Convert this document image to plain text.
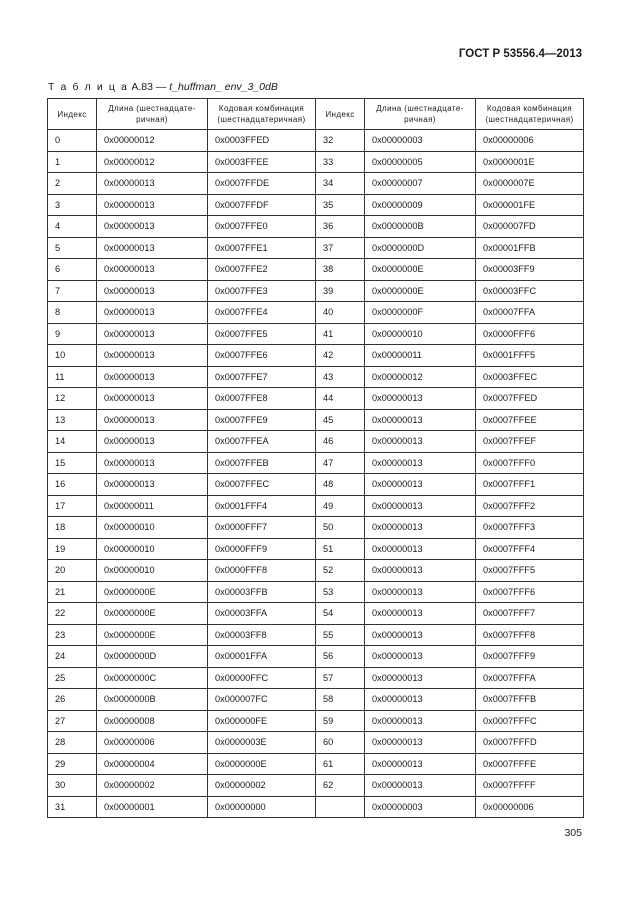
ГОСТ Р 53556.4—2013
Т а б л и ц а А.83 — t_huffman_ env_3_0dB
Индекс	Длина (шестнадцате-ричная)	Кодовая комбинация (шестнадцатеричная)	Индекс	Длина (шестнадцате-ричная)	Кодовая комбинация (шестнадцатеричная)
0	0x00000012	0x0003FFED	32	0x00000003	0x00000006
1	0x00000012	0x0003FFEE	33	0x00000005	0x0000001E
2	0x00000013	0x0007FFDE	34	0x00000007	0x0000007E
3	0x00000013	0x0007FFDF	35	0x00000009	0x000001FE
4	0x00000013	0x0007FFE0	36	0x0000000B	0x000007FD
5	0x00000013	0x0007FFE1	37	0x0000000D	0x00001FFB
6	0x00000013	0x0007FFE2	38	0x0000000E	0x00003FF9
7	0x00000013	0x0007FFE3	39	0x0000000E	0x00003FFC
8	0x00000013	0x0007FFE4	40	0x0000000F	0x00007FFA
9	0x00000013	0x0007FFE5	41	0x00000010	0x0000FFF6
10	0x00000013	0x0007FFE6	42	0x00000011	0x0001FFF5
11	0x00000013	0x0007FFE7	43	0x00000012	0x0003FFEC
12	0x00000013	0x0007FFE8	44	0x00000013	0x0007FFED
13	0x00000013	0x0007FFE9	45	0x00000013	0x0007FFEE
14	0x00000013	0x0007FFEA	46	0x00000013	0x0007FFEF
15	0x00000013	0x0007FFEB	47	0x00000013	0x0007FFF0
16	0x00000013	0x0007FFEC	48	0x00000013	0x0007FFF1
17	0x00000011	0x0001FFF4	49	0x00000013	0x0007FFF2
18	0x00000010	0x0000FFF7	50	0x00000013	0x0007FFF3
19	0x00000010	0x0000FFF9	51	0x00000013	0x0007FFF4
20	0x00000010	0x0000FFF8	52	0x00000013	0x0007FFF5
21	0x0000000E	0x00003FFB	53	0x00000013	0x0007FFF6
22	0x0000000E	0x00003FFA	54	0x00000013	0x0007FFF7
23	0x0000000E	0x00003FF8	55	0x00000013	0x0007FFF8
24	0x0000000D	0x00001FFA	56	0x00000013	0x0007FFF9
25	0x0000000C	0x00000FFC	57	0x00000013	0x0007FFFA
26	0x0000000B	0x000007FC	58	0x00000013	0x0007FFFB
27	0x00000008	0x000000FE	59	0x00000013	0x0007FFFC
28	0x00000006	0x0000003E	60	0x00000013	0x0007FFFD
29	0x00000004	0x0000000E	61	0x00000013	0x0007FFFE
30	0x00000002	0x00000002	62	0x00000013	0x0007FFFF
31	0x00000001	0x00000000		0x00000003	0x00000006
305
